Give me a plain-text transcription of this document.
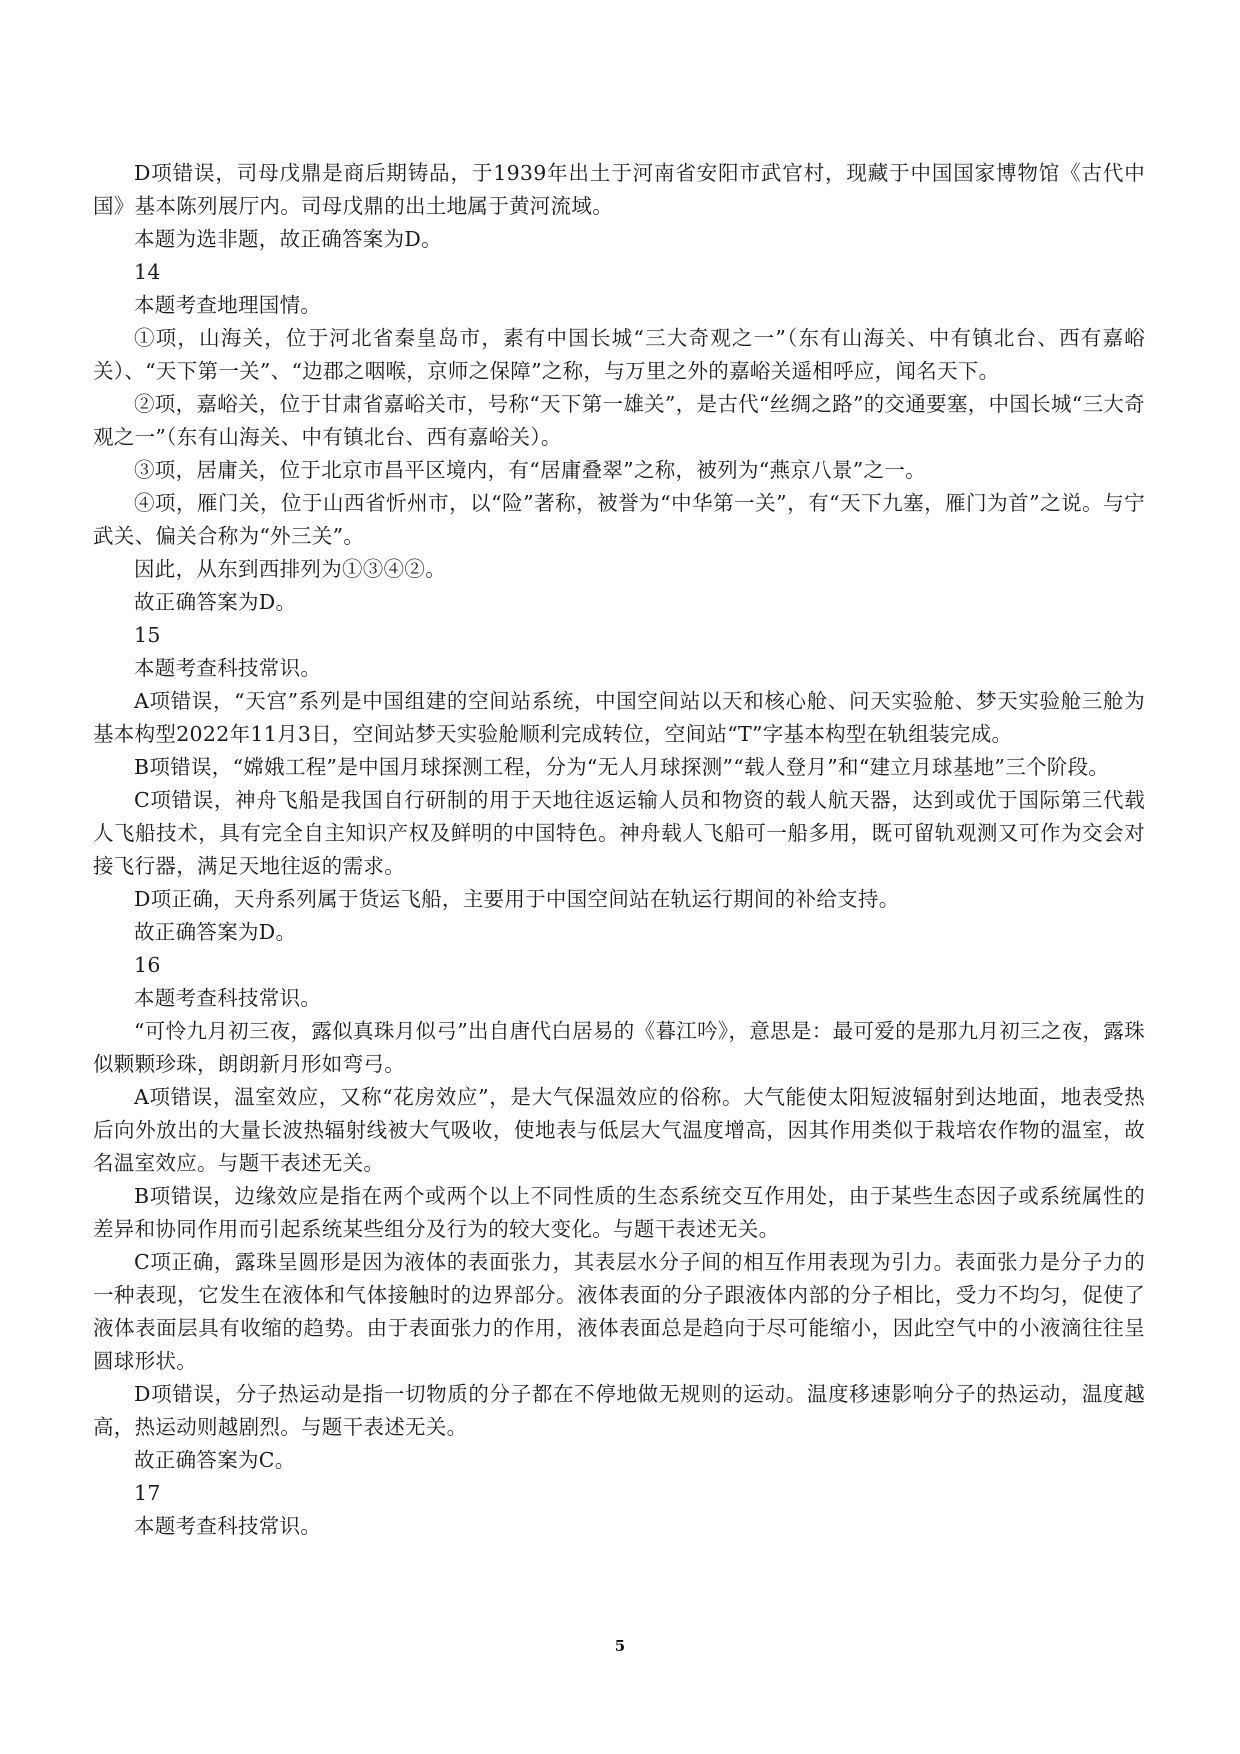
D项错误，司母戊鼎是商后期铸品，于1939年出土于河南省安阳市武官村，现藏于中国国家博物馆《古代中国》基本陈列展厅内。司母戊鼎的出土地属于黄河流域。

本题为选非题，故正确答案为D。

14

本题考查地理国情。

①项，山海关，位于河北省秦皇岛市，素有中国长城“三大奇观之一”（东有山海关、中有镇北台、西有嘉峪关）、“天下第一关”、“边郡之咽喉，京师之保障”之称，与万里之外的嘉峪关遥相呼应，闻名天下。

②项，嘉峪关，位于甘肃省嘉峪关市，号称“天下第一雄关”，是古代“丝绸之路”的交通要塞，中国长城“三大奇观之一”（东有山海关、中有镇北台、西有嘉峪关）。

③项，居庸关，位于北京市昌平区境内，有“居庸叠翠”之称，被列为“燕京八景”之一。

④项，雁门关，位于山西省忻州市，以“险”著称，被誉为“中华第一关”，有“天下九塞，雁门为首”之说。与宁武关、偏关合称为“外三关”。

因此，从东到西排列为①③④②。

故正确答案为D。

15

本题考查科技常识。

A项错误，“天宫”系列是中国组建的空间站系统，中国空间站以天和核心舱、问天实验舱、梦天实验舱三舱为基本构型2022年11月3日，空间站梦天实验舱顺利完成转位，空间站“T”字基本构型在轨组装完成。

B项错误，“嫦娥工程”是中国月球探测工程，分为“无人月球探测”“载人登月”和“建立月球基地”三个阶段。

C项错误，神舟飞船是我国自行研制的用于天地往返运输人员和物资的载人航天器，达到或优于国际第三代载人飞船技术，具有完全自主知识产权及鲜明的中国特色。神舟载人飞船可一船多用，既可留轨观测又可作为交会对接飞行器，满足天地往返的需求。

D项正确，天舟系列属于货运飞船，主要用于中国空间站在轨运行期间的补给支持。

故正确答案为D。

16

本题考查科技常识。

“可怜九月初三夜，露似真珠月似弓”出自唐代白居易的《暮江吟》，意思是：最可爱的是那九月初三之夜，露珠似颗颗珍珠，朗朗新月形如弯弓。

A项错误，温室效应，又称“花房效应”，是大气保温效应的俗称。大气能使太阳短波辐射到达地面，地表受热后向外放出的大量长波热辐射线被大气吸收，使地表与低层大气温度增高，因其作用类似于栽培农作物的温室，故名温室效应。与题干表述无关。

B项错误，边缘效应是指在两个或两个以上不同性质的生态系统交互作用处，由于某些生态因子或系统属性的差异和协同作用而引起系统某些组分及行为的较大变化。与题干表述无关。

C项正确，露珠呈圆形是因为液体的表面张力，其表层水分子间的相互作用表现为引力。表面张力是分子力的一种表现，它发生在液体和气体接触时的边界部分。液体表面的分子跟液体内部的分子相比，受力不均匀，促使了液体表面层具有收缩的趋势。由于表面张力的作用，液体表面总是趋向于尽可能缩小，因此空气中的小液滴往往呈圆球形状。

D项错误，分子热运动是指一切物质的分子都在不停地做无规则的运动。温度移速影响分子的热运动，温度越高，热运动则越剧烈。与题干表述无关。

故正确答案为C。

17

本题考查科技常识。

5
